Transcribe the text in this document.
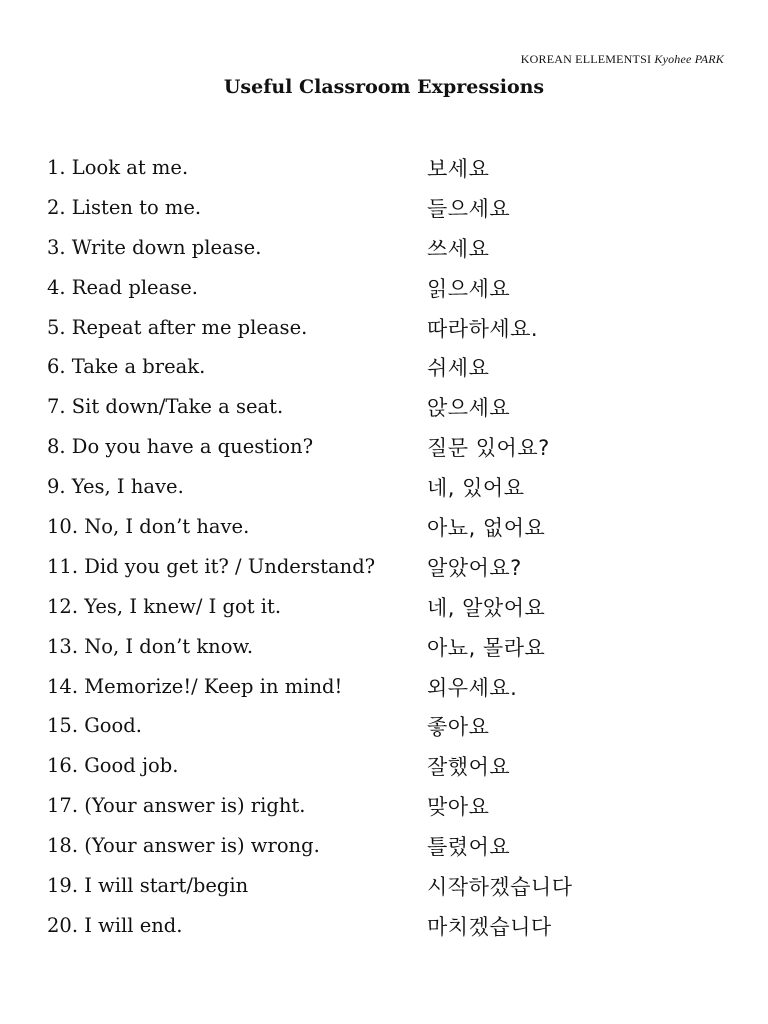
KOREAN ELLEMENTSI Kyohee PARK
Useful Classroom Expressions
1. Look at me.	보세요
2. Listen to me.	들으세요
3. Write down please.	쓰세요
4. Read please.	읽으세요
5. Repeat after me please.	따라하세요.
6. Take a break.	쉬세요
7. Sit down/Take a seat.	앉으세요
8. Do you have a question?	질문 있어요?
9. Yes, I have.	네, 있어요
10. No, I don’t have.	아뇨, 없어요
11. Did you get it? / Understand? 알았어요?
12. Yes, I knew/ I got it.	네, 알았어요
13. No, I don’t know.	아뇨, 몰라요
14. Memorize!/ Keep in mind!	외우세요.
15. Good.	좋아요
16. Good job.	잘했어요
17. (Your answer is) right.	맞아요
18. (Your answer is) wrong.	틀렸어요
19. I will start/begin	시작하겠습니다
20. I will end.	마치겠습니다
